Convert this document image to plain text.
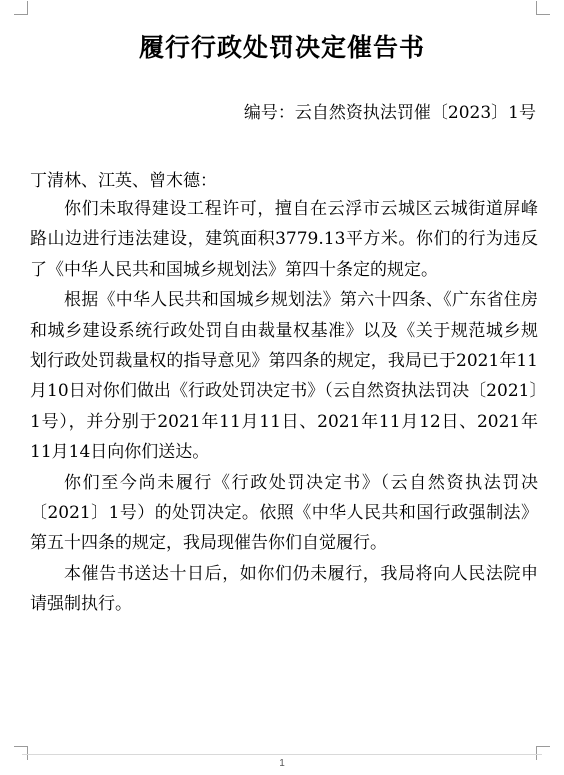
履行行政处罚决定催告书
编号：云自然资执法罚催〔2023〕1号
丁清林、江英、曾木德：

你们未取得建设工程许可，擅自在云浮市云城区云城街道屏峰路山边进行违法建设，建筑面积3779.13平方米。你们的行为违反了《中华人民共和国城乡规划法》第四十条定的规定。

根据《中华人民共和国城乡规划法》第六十四条、《广东省住房和城乡建设系统行政处罚自由裁量权基准》以及《关于规范城乡规划行政处罚裁量权的指导意见》第四条的规定，我局已于2021年11月10日对你们做出《行政处罚决定书》（云自然资执法罚决〔2021〕1号），并分别于2021年11月11日、2021年11月12日、2021年11月14日向你们送达。

你们至今尚未履行《行政处罚决定书》（云自然资执法罚决〔2021〕1号）的处罚决定。依照《中华人民共和国行政强制法》第五十四条的规定，我局现催告你们自觉履行。

本催告书送达十日后，如你们仍未履行，我局将向人民法院申请强制执行。

1
